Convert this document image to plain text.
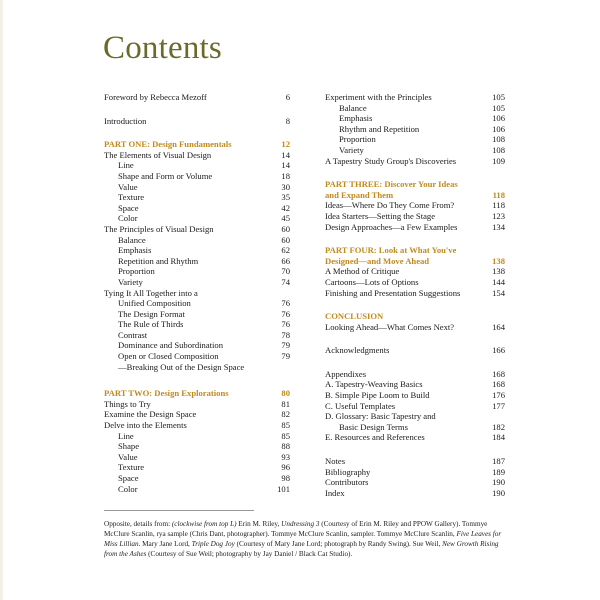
Contents
Foreword by Rebecca Mezoff	6
Introduction	8
PART ONE: Design Fundamentals	12
The Elements of Visual Design	14
Line	14
Shape and Form or Volume	18
Value	30
Texture	35
Space	42
Color	45
The Principles of Visual Design	60
Balance	60
Emphasis	62
Repetition and Rhythm	66
Proportion	70
Variety	74
Tying It All Together into a
Unified Composition	76
The Design Format	76
The Rule of Thirds	76
Contrast	78
Dominance and Subordination	79
Open or Closed Composition	79
—Breaking Out of the Design Space
PART TWO: Design Explorations	80
Things to Try	81
Examine the Design Space	82
Delve into the Elements	85
Line	85
Shape	88
Value	93
Texture	96
Space	98
Color	101
Experiment with the Principles	105
Balance	105
Emphasis	106
Rhythm and Repetition	106
Proportion	108
Variety	108
A Tapestry Study Group's Discoveries	109
PART THREE: Discover Your Ideas
and Expand Them	118
Ideas—Where Do They Come From?	118
Idea Starters—Setting the Stage	123
Design Approaches—a Few Examples	134
PART FOUR: Look at What You've
Designed—and Move Ahead	138
A Method of Critique	138
Cartoons—Lots of Options	144
Finishing and Presentation Suggestions	154
CONCLUSION
Looking Ahead—What Comes Next?	164
Acknowledgments	166
Appendixes	168
A. Tapestry-Weaving Basics	168
B. Simple Pipe Loom to Build	176
C. Useful Templates	177
D. Glossary: Basic Tapestry and
Basic Design Terms	182
E. Resources and References	184
Notes	187
Bibliography	189
Contributors	190
Index	190
Opposite, details from: (clockwise from top L) Erin M. Riley, Undressing 3 (Courtesy of Erin M. Riley and PPOW Gallery). Tommye McClure Scanlin, rya sample (Chris Dant, photographer). Tommye McClure Scanlin, sampler. Tommye McClure Scanlin, Five Leaves for Miss Lillian. Mary Jane Lord, Triple Dog Joy (Courtesy of Mary Jane Lord; photograph by Randy Swing). Sue Weil, New Growth Rising from the Ashes (Courtesy of Sue Weil; photography by Jay Daniel / Black Cat Studio).
